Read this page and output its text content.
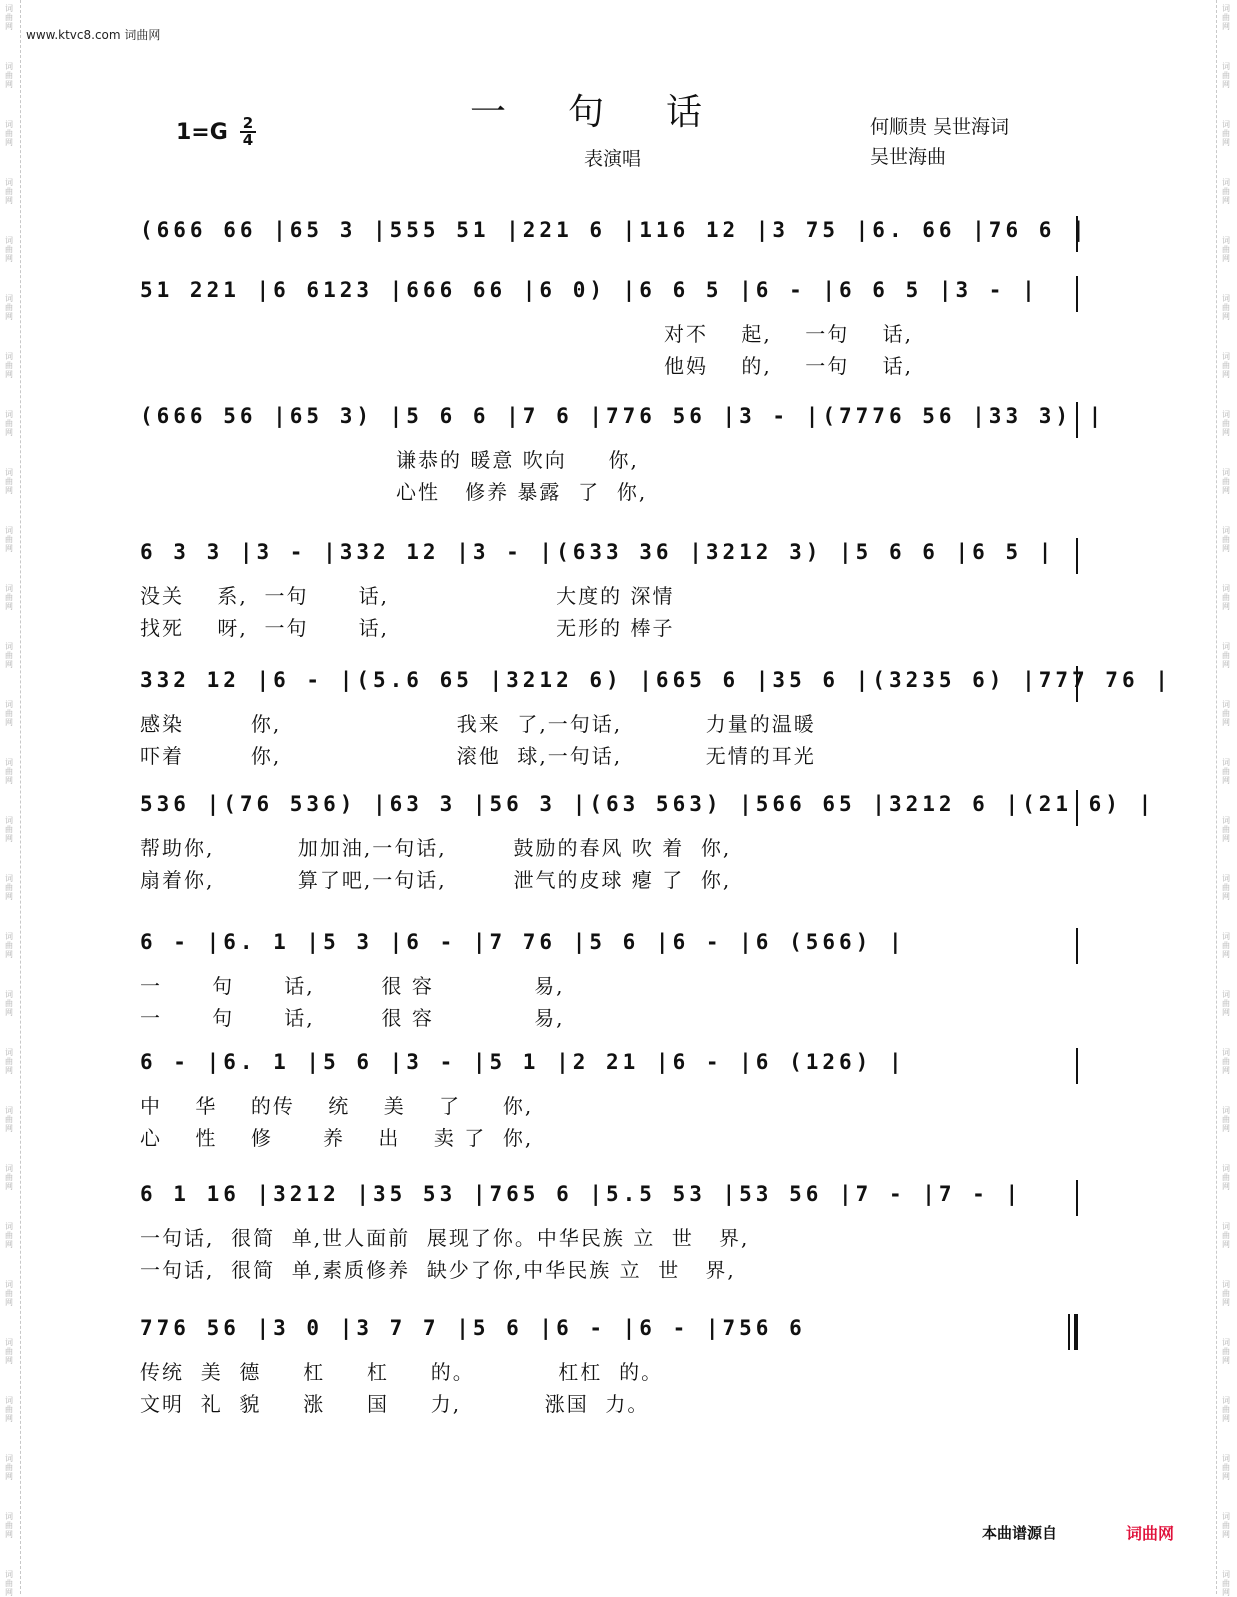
词
曲
网
词
曲
网
词
曲
网
词
曲
网
词
曲
网
词
曲
网
词
曲
网
词
曲
网
词
曲
网
词
曲
网
词
曲
网
词
曲
网
词
曲
网
词
曲
网
词
曲
网
词
曲
网
词
曲
网
词
曲
网
词
曲
网
词
曲
网
词
曲
网
词
曲
网
词
曲
网
词
曲
网
词
曲
网
词
曲
网
词
曲
网
词
曲
网
词
曲
网
词
曲
网
词
曲
网
词
曲
网
词
曲
网
词
曲
网
词
曲
网
词
曲
网
词
曲
网
词
曲
网
词
曲
网
词
曲
网
词
曲
网
词
曲
网
词
曲
网
词
曲
网
词
曲
网
词
曲
网
词
曲
网
词
曲
网
词
曲
网
词
曲
网
词
曲
网
词
曲
网
词
曲
网
词
曲
网
词
曲
网
词
曲
网
www.ktvc8.com 词曲网
一句话
表演唱
$1=G \frac{2}{4}$	何顺贵 吴世海词
吴世海曲
(666 66 |65 3 |555 51 |221 6 |116 12 |3 75 |6. 66 |76 6 |
51 221 |6 6123 |666 66 |6 0) |6 6 5 |6 - |6 6 5 |3 - |
对不    起,    一句    话,
他妈    的,    一句    话,
(666 56 |65 3) |5 6 6 |7 6 |776 56 |3 - |(7776 56 |33 3) |
谦恭的 暖意 吹向     你,
心性   修养 暴露  了  你,
6 3 3 |3 - |332 12 |3 - |(633 36 |3212 3) |5 6 6 |6 5 |
没关    系,  一句      话,                    大度的 深情
找死    呀,  一句      话,                    无形的 棒子
332 12 |6 - |(5.6 65 |3212 6) |665 6 |35 6 |(3235 6) |777 76 |
感染        你,                     我来  了,一句话,          力量的温暖
吓着        你,                     滚他  球,一句话,          无情的耳光
536 |(76 536) |63 3 |56 3 |(63 563) |566 65 |3212 6 |(21 6) |
帮助你,          加加油,一句话,        鼓励的春风 吹 着  你,
扇着你,          算了吧,一句话,        泄气的皮球 瘪 了  你,
6 - |6. 1 |5 3 |6 - |7 76 |5 6 |6 - |6 (566) |
一      句      话,        很 容            易,
一      句      话,        很 容            易,
6 - |6. 1 |5 6 |3 - |5 1 |2 21 |6 - |6 (126) |
中    华    的传    统    美    了     你,
心    性    修      养    出    卖 了  你,
6 1 16 |3212 |35 53 |765 6 |5.5 53 |53 56 |7 - |7 - |
一句话,  很简  单,世人面前  展现了你。中华民族 立  世   界,
一句话,  很简  单,素质修养  缺少了你,中华民族 立  世   界,
776 56 |3 0 |3 7 7 |5 6 |6 - |6 - |756 6
传统  美  德     杠     杠     的。          杠杠  的。
文明  礼  貌     涨     国     力,          涨国  力。
本曲谱源自	词曲网
